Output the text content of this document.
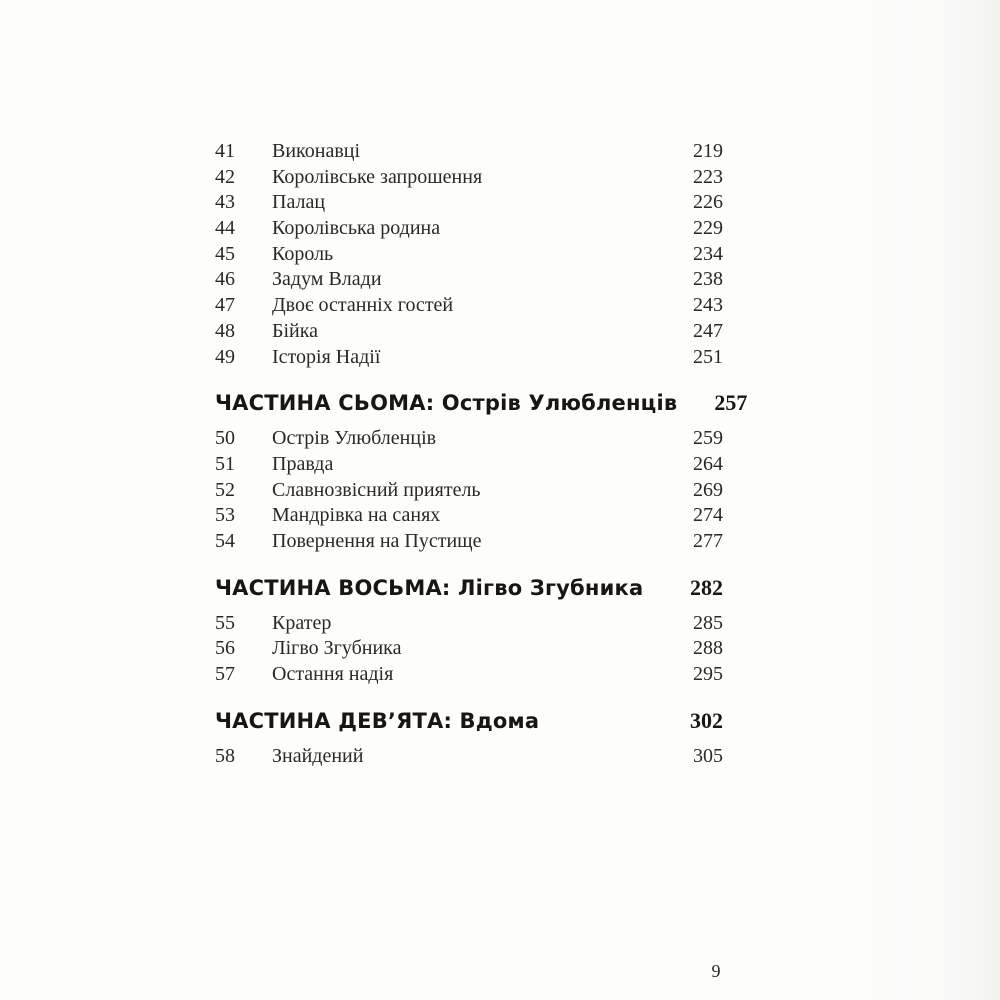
41	Виконавці	219
42	Королівське запрошення	223
43	Палац	226
44	Королівська родина	229
45	Король	234
46	Задум Влади	238
47	Двоє останніх гостей	243
48	Бійка	247
49	Історія Надії	251
ЧАСТИНА СЬОМА: Острів Улюбленців	257
50	Острів Улюбленців	259
51	Правда	264
52	Славнозвісний приятель	269
53	Мандрівка на санях	274
54	Повернення на Пустище	277
ЧАСТИНА ВОСЬМА: Лігво Згубника	282
55	Кратер	285
56	Лігво Згубника	288
57	Остання надія	295
ЧАСТИНА ДЕВ’ЯТА: Вдома	302
58	Знайдений	305
9
